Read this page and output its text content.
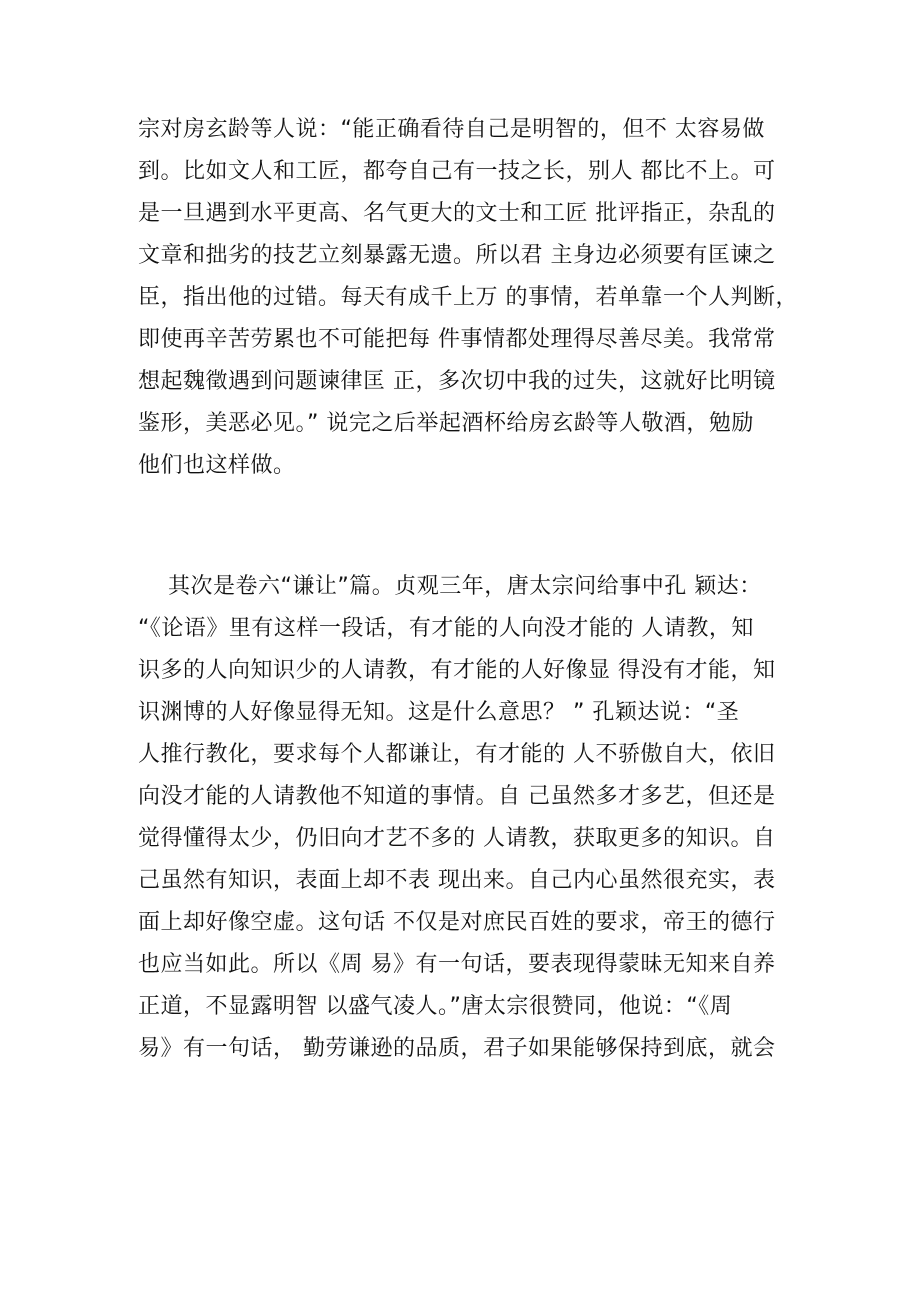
宗对房玄龄等人说：“能正确看待自己是明智的，但不 太容易做
到。比如文人和工匠，都夸自己有一技之长，别人 都比不上。可
是一旦遇到水平更高、名气更大的文士和工匠 批评指正，杂乱的
文章和拙劣的技艺立刻暴露无遗。所以君 主身边必须要有匡谏之
臣，指出他的过错。每天有成千上万 的事情，若单靠一个人判断，
即使再辛苦劳累也不可能把每 件事情都处理得尽善尽美。我常常
想起魏徵遇到问题谏律匡 正，多次切中我的过失，这就好比明镜
鉴形，美恶必见。” 说完之后举起酒杯给房玄龄等人敬酒，勉励
他们也这样做。

其次是卷六“谦让”篇。贞观三年，唐太宗问给事中孔 颖达：
“《论语》里有这样一段话，有才能的人向没才能的 人请教，知
识多的人向知识少的人请教，有才能的人好像显 得没有才能，知
识渊博的人好像显得无知。这是什么意思？ ” 孔颖达说：“圣
人推行教化，要求每个人都谦让，有才能的 人不骄傲自大，依旧
向没才能的人请教他不知道的事情。自 己虽然多才多艺，但还是
觉得懂得太少，仍旧向才艺不多的 人请教，获取更多的知识。自
己虽然有知识，表面上却不表 现出来。自己内心虽然很充实，表
面上却好像空虚。这句话 不仅是对庶民百姓的要求，帝王的德行
也应当如此。所以《周 易》有一句话，要表现得蒙昧无知来自养
正道，不显露明智 以盛气凌人。”唐太宗很赞同，他说：“《周
易》有一句话， 勤劳谦逊的品质，君子如果能够保持到底，就会
